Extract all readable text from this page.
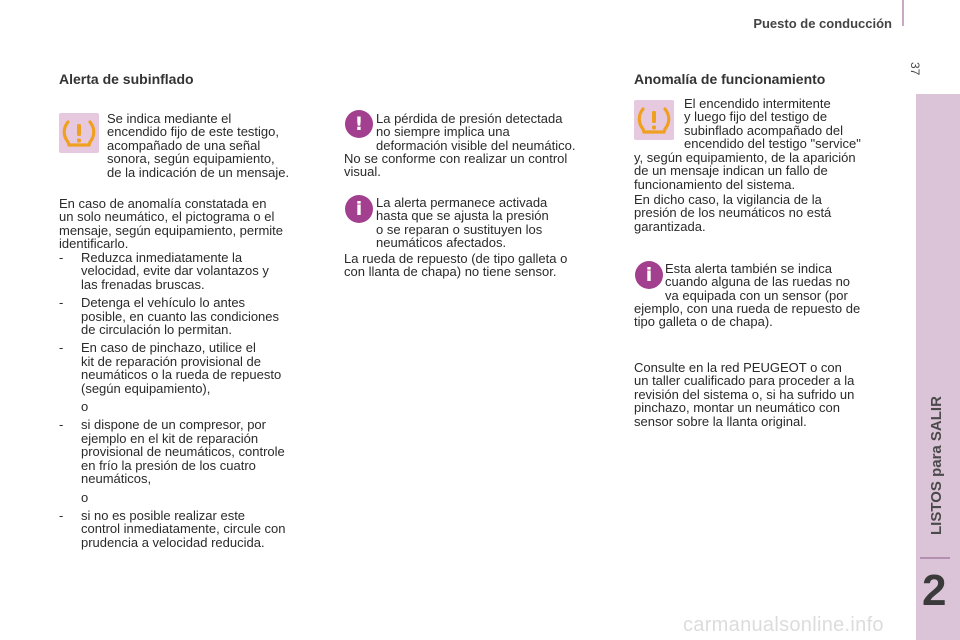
Puesto de conducción
37
LISTOS para SALIR
2
Alerta de subinflado
Se indica mediante el
encendido fijo de este testigo,
acompañado de una señal
sonora, según equipamiento,
de la indicación de un mensaje.
En caso de anomalía constatada en
un solo neumático, el pictograma o el
mensaje, según equipamiento, permite
identificarlo.
-	Reduzca inmediatamente la
velocidad, evite dar volantazos y
las frenadas bruscas.
-	Detenga el vehículo lo antes
posible, en cuanto las condiciones
de circulación lo permitan.
-	En caso de pinchazo, utilice el
kit de reparación provisional de
neumáticos o la rueda de repuesto
(según equipamiento),
o
-	si dispone de un compresor, por
ejemplo en el kit de reparación
provisional de neumáticos, controle
en frío la presión de los cuatro
neumáticos,
o
-	si no es posible realizar este
control inmediatamente, circule con
prudencia a velocidad reducida.
! La pérdida de presión detectada
no siempre implica una
deformación visible del neumático.
No se conforme con realizar un control
visual.
i	La alerta permanece activada
hasta que se ajusta la presión
o se reparan o sustituyen los
neumáticos afectados.
La rueda de repuesto (de tipo galleta o
con llanta de chapa) no tiene sensor.
Anomalía de funcionamiento
El encendido intermitente
y luego fijo del testigo de
subinflado acompañado del
encendido del testigo "service"
y, según equipamiento, de la aparición
de un mensaje indican un fallo de
funcionamiento del sistema.
En dicho caso, la vigilancia de la
presión de los neumáticos no está
garantizada.
i Esta alerta también se indica
cuando alguna de las ruedas no
va equipada con un sensor (por
ejemplo, con una rueda de repuesto de
tipo galleta o de chapa).
Consulte en la red PEUGEOT o con
un taller cualificado para proceder a la
revisión del sistema o, si ha sufrido un
pinchazo, montar un neumático con
sensor sobre la llanta original.
carmanualsonline.info
